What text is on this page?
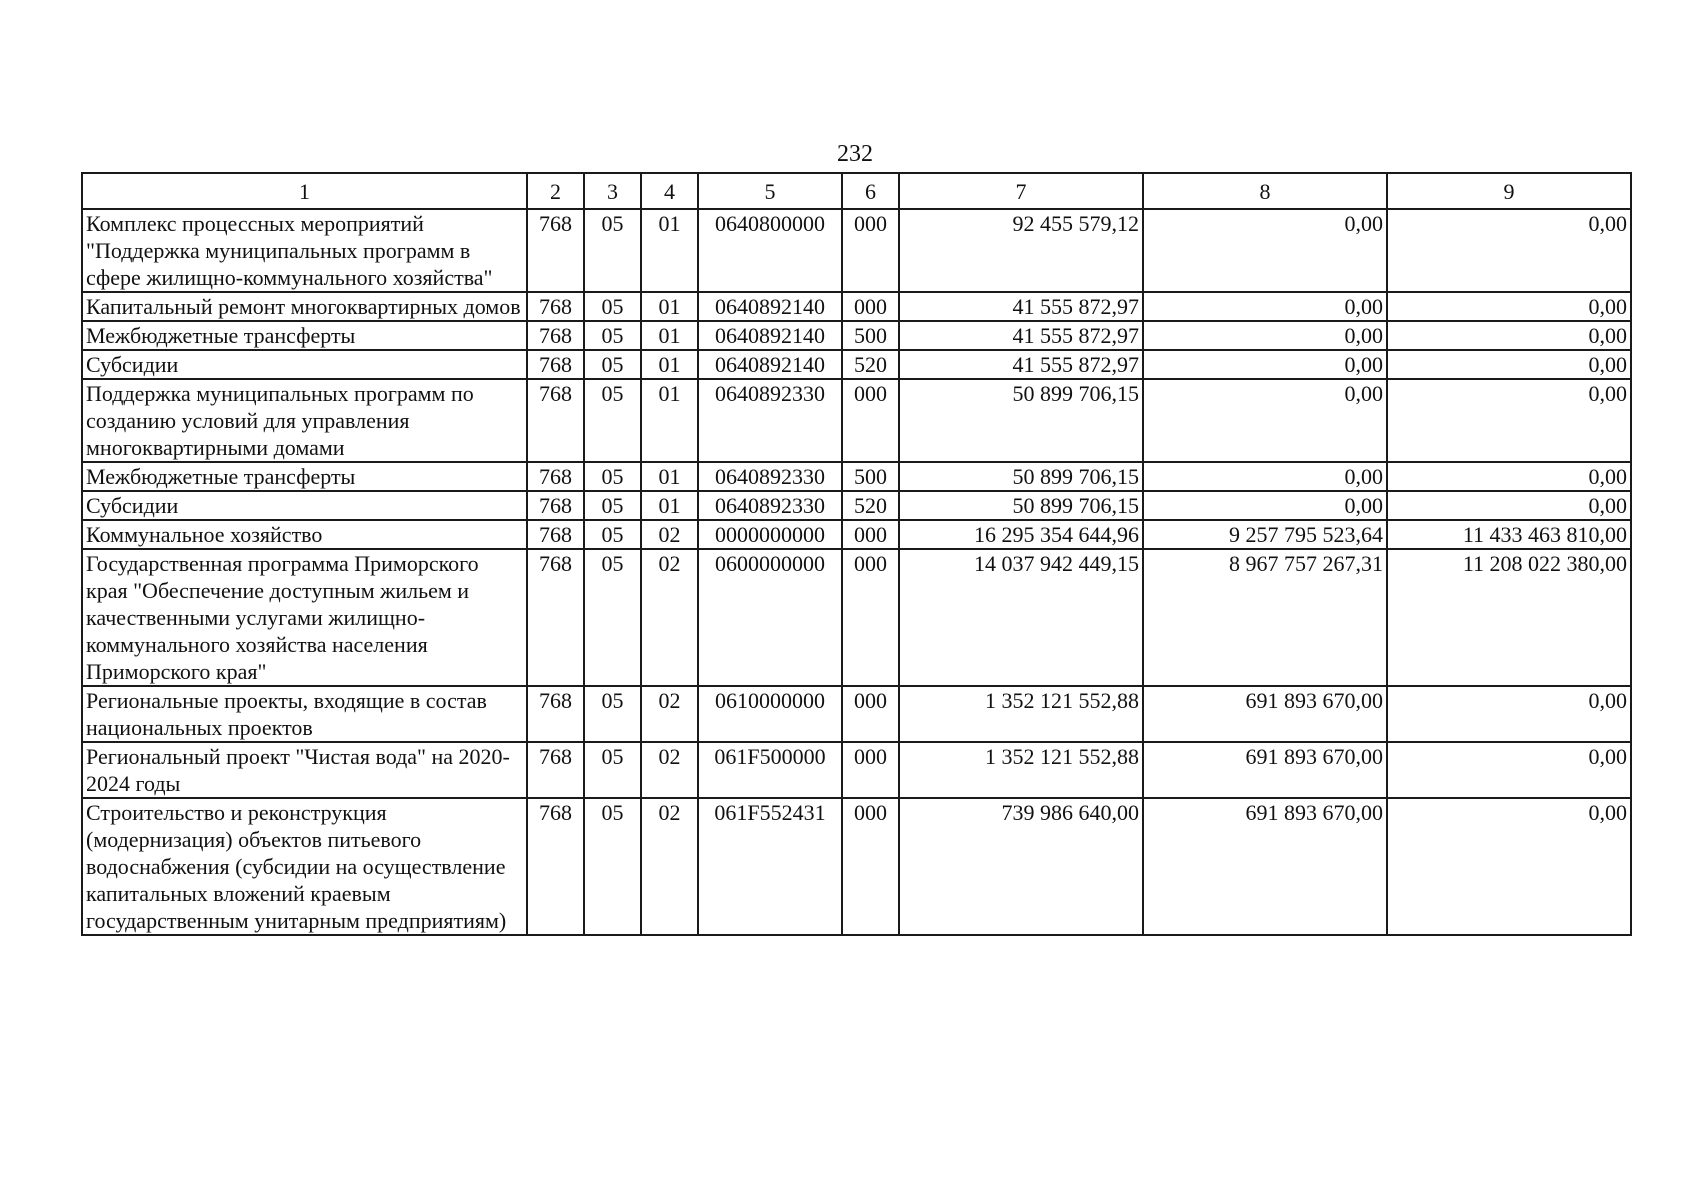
232
1	2	3	4	5	6	7	8	9
Комплекс процессных мероприятий "Поддержка муниципальных программ в сфере жилищно-коммунального хозяйства"	768	05	01	0640800000	000	92 455 579,12	0,00	0,00
Капитальный ремонт многоквартирных домов	768	05	01	0640892140	000	41 555 872,97	0,00	0,00
Межбюджетные трансферты	768	05	01	0640892140	500	41 555 872,97	0,00	0,00
Субсидии	768	05	01	0640892140	520	41 555 872,97	0,00	0,00
Поддержка муниципальных программ по созданию условий для управления многоквартирными домами	768	05	01	0640892330	000	50 899 706,15	0,00	0,00
Межбюджетные трансферты	768	05	01	0640892330	500	50 899 706,15	0,00	0,00
Субсидии	768	05	01	0640892330	520	50 899 706,15	0,00	0,00
Коммунальное хозяйство	768	05	02	0000000000	000	16 295 354 644,96	9 257 795 523,64	11 433 463 810,00
Государственная программа Приморского края "Обеспечение доступным жильем и качественными услугами жилищно-коммунального хозяйства населения Приморского края"	768	05	02	0600000000	000	14 037 942 449,15	8 967 757 267,31	11 208 022 380,00
Региональные проекты, входящие в состав национальных проектов	768	05	02	0610000000	000	1 352 121 552,88	691 893 670,00	0,00
Региональный проект "Чистая вода" на 2020-2024 годы	768	05	02	061F500000	000	1 352 121 552,88	691 893 670,00	0,00
Строительство и реконструкция (модернизация) объектов питьевого водоснабжения (субсидии на осуществление капитальных вложений краевым государственным унитарным предприятиям)	768	05	02	061F552431	000	739 986 640,00	691 893 670,00	0,00
